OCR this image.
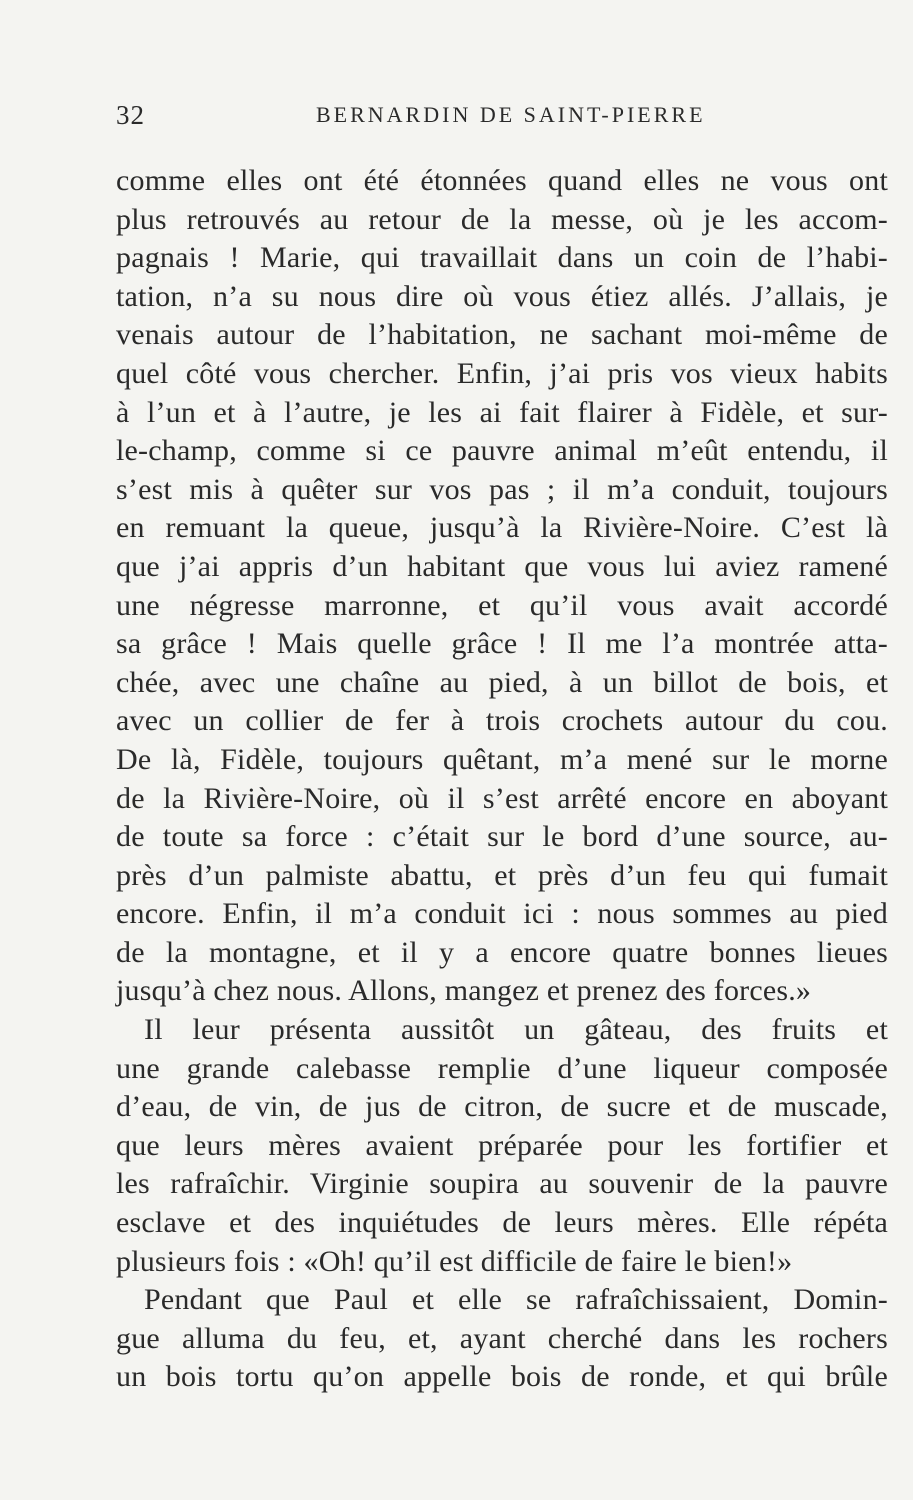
32	BERNARDIN DE SAINT-PIERRE
comme elles ont été étonnées quand elles ne vous ont
plus retrouvés au retour de la messe, où je les accom-
pagnais ! Marie, qui travaillait dans un coin de l’habi-
tation, n’a su nous dire où vous étiez allés. J’allais, je
venais autour de l’habitation, ne sachant moi-même de
quel côté vous chercher. Enfin, j’ai pris vos vieux habits
à l’un et à l’autre, je les ai fait flairer à Fidèle, et sur-
le-champ, comme si ce pauvre animal m’eût entendu, il
s’est mis à quêter sur vos pas ; il m’a conduit, toujours
en remuant la queue, jusqu’à la Rivière-Noire. C’est là
que j’ai appris d’un habitant que vous lui aviez ramené
une négresse marronne, et qu’il vous avait accordé
sa grâce ! Mais quelle grâce ! Il me l’a montrée atta-
chée, avec une chaîne au pied, à un billot de bois, et
avec un collier de fer à trois crochets autour du cou.
De là, Fidèle, toujours quêtant, m’a mené sur le morne
de la Rivière-Noire, où il s’est arrêté encore en aboyant
de toute sa force : c’était sur le bord d’une source, au-
près d’un palmiste abattu, et près d’un feu qui fumait
encore. Enfin, il m’a conduit ici : nous sommes au pied
de la montagne, et il y a encore quatre bonnes lieues
jusqu’à chez nous. Allons, mangez et prenez des forces.»
Il leur présenta aussitôt un gâteau, des fruits et
une grande calebasse remplie d’une liqueur composée
d’eau, de vin, de jus de citron, de sucre et de muscade,
que leurs mères avaient préparée pour les fortifier et
les rafraîchir. Virginie soupira au souvenir de la pauvre
esclave et des inquiétudes de leurs mères. Elle répéta
plusieurs fois : «Oh! qu’il est difficile de faire le bien!»
Pendant que Paul et elle se rafraîchissaient, Domin-
gue alluma du feu, et, ayant cherché dans les rochers
un bois tortu qu’on appelle bois de ronde, et qui brûle
